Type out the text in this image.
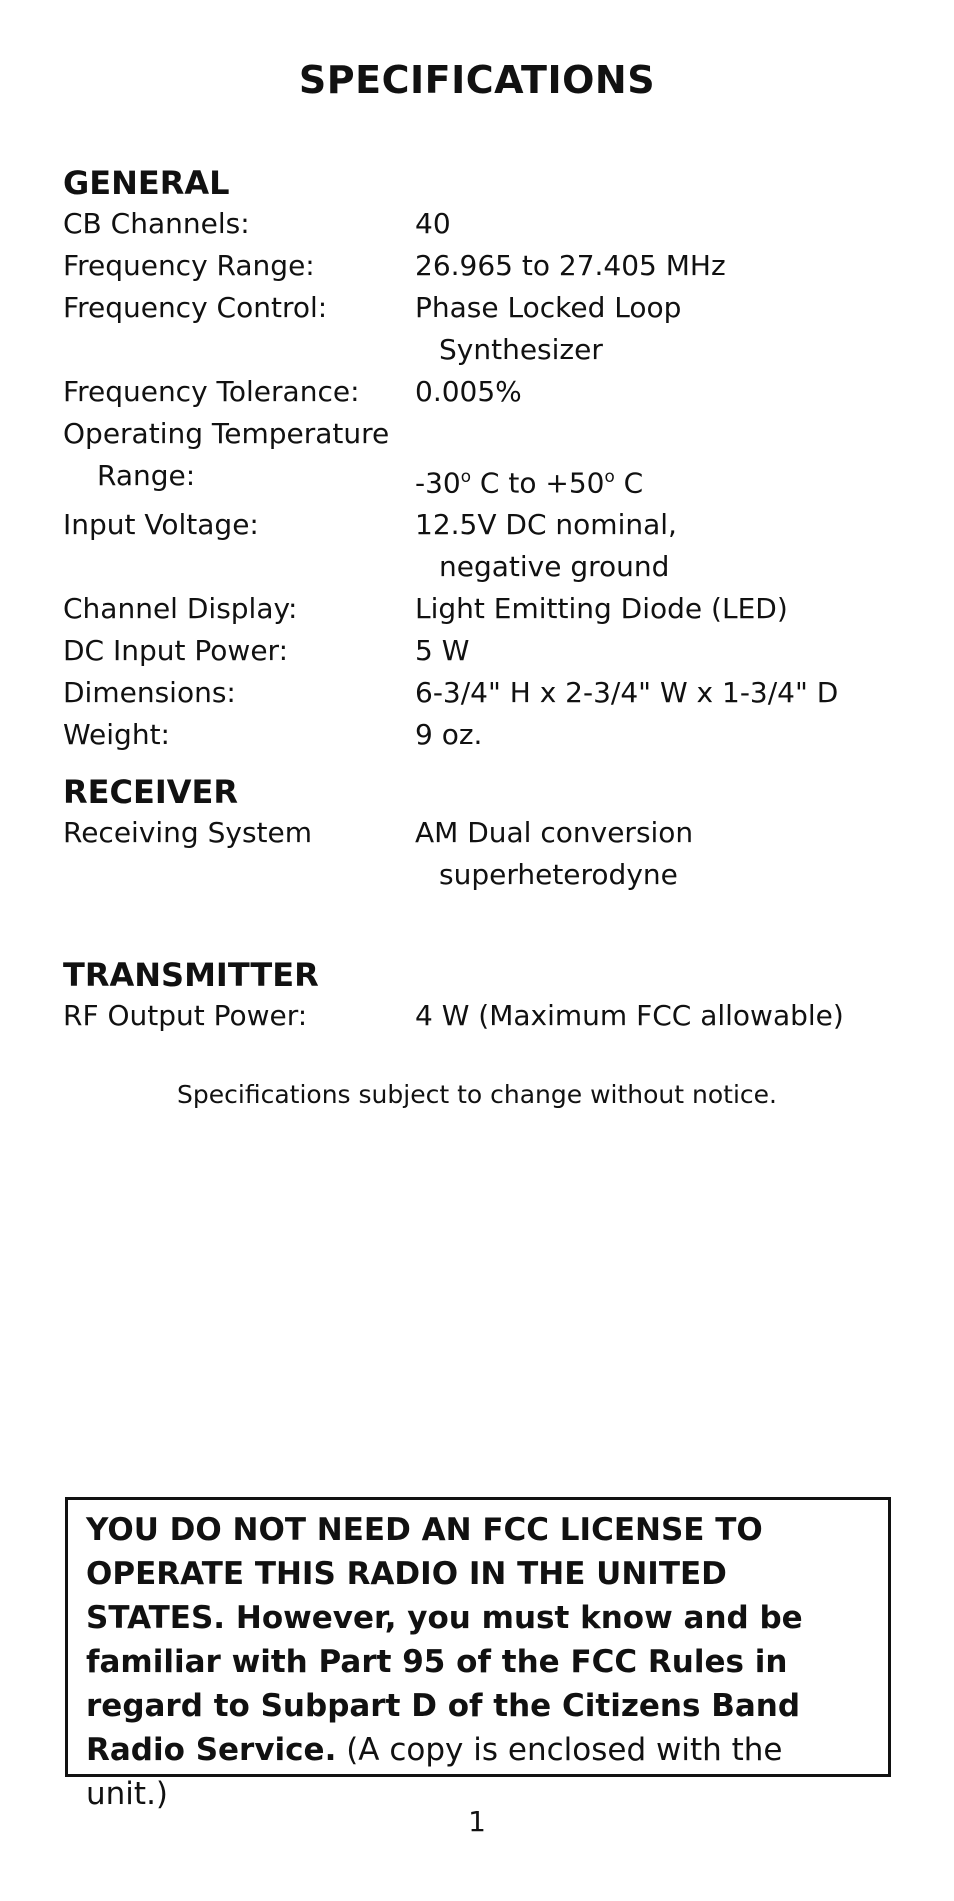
SPECIFICATIONS
GENERAL
CB Channels:	40
Frequency Range:	26.965 to 27.405 MHz
Frequency Control:	Phase Locked Loop
Synthesizer
Frequency Tolerance:	0.005%
Operating Temperature
Range:
	-30$^o$ C to $+50^o$ C
Input Voltage:	12.5V DC nominal,
negative ground
Channel Display:	Light Emitting Diode (LED)
DC Input Power:	5 W
Dimensions:	6-3/4" H x 2-3/4" W x 1-3/4" D
Weight:	9 oz.
RECEIVER
Receiving System	AM Dual conversion
superheterodyne
TRANSMITTER
RF Output Power:	4 W (Maximum FCC allowable)
Specifications subject to change without notice.
YOU DO NOT NEED AN FCC LICENSE TO OPERATE THIS RADIO IN THE UNITED STATES. However, you must know and be familiar with Part 95 of the FCC Rules in regard to Subpart D of the Citizens Band Radio Service. (A copy is enclosed with the unit.)
1
